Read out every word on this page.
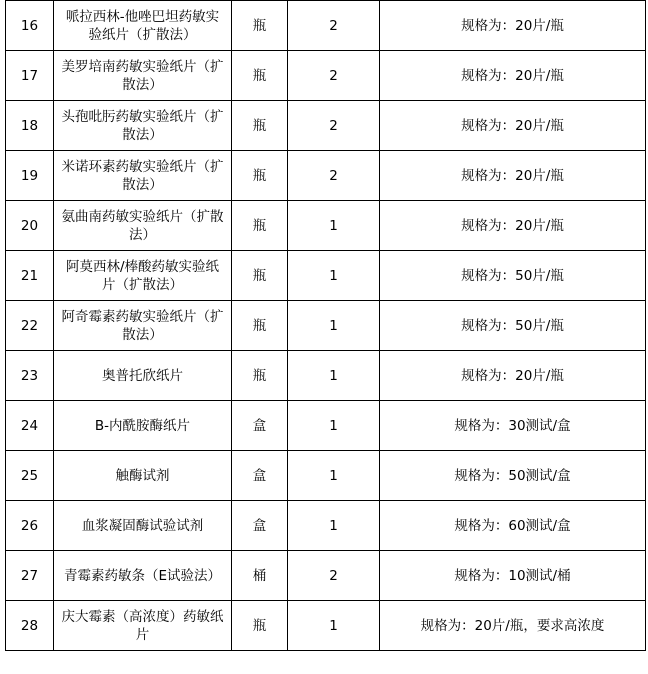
16	哌拉西林-他唑巴坦药敏实验纸片（扩散法）	瓶	2	规格为：20片/瓶
17	美罗培南药敏实验纸片（扩散法）	瓶	2	规格为：20片/瓶
18	头孢吡肟药敏实验纸片（扩散法）	瓶	2	规格为：20片/瓶
19	米诺环素药敏实验纸片（扩散法）	瓶	2	规格为：20片/瓶
20	氨曲南药敏实验纸片（扩散法）	瓶	1	规格为：20片/瓶
21	阿莫西林/棒酸药敏实验纸片（扩散法）	瓶	1	规格为：50片/瓶
22	阿奇霉素药敏实验纸片（扩散法）	瓶	1	规格为：50片/瓶
23	奥普托欣纸片	瓶	1	规格为：20片/瓶
24	B-内酰胺酶纸片	盒	1	规格为：30测试/盒
25	触酶试剂	盒	1	规格为：50测试/盒
26	血浆凝固酶试验试剂	盒	1	规格为：60测试/盒
27	青霉素药敏条（E试验法）	桶	2	规格为：10测试/桶
28	庆大霉素（高浓度）药敏纸片	瓶	1	规格为：20片/瓶，要求高浓度
